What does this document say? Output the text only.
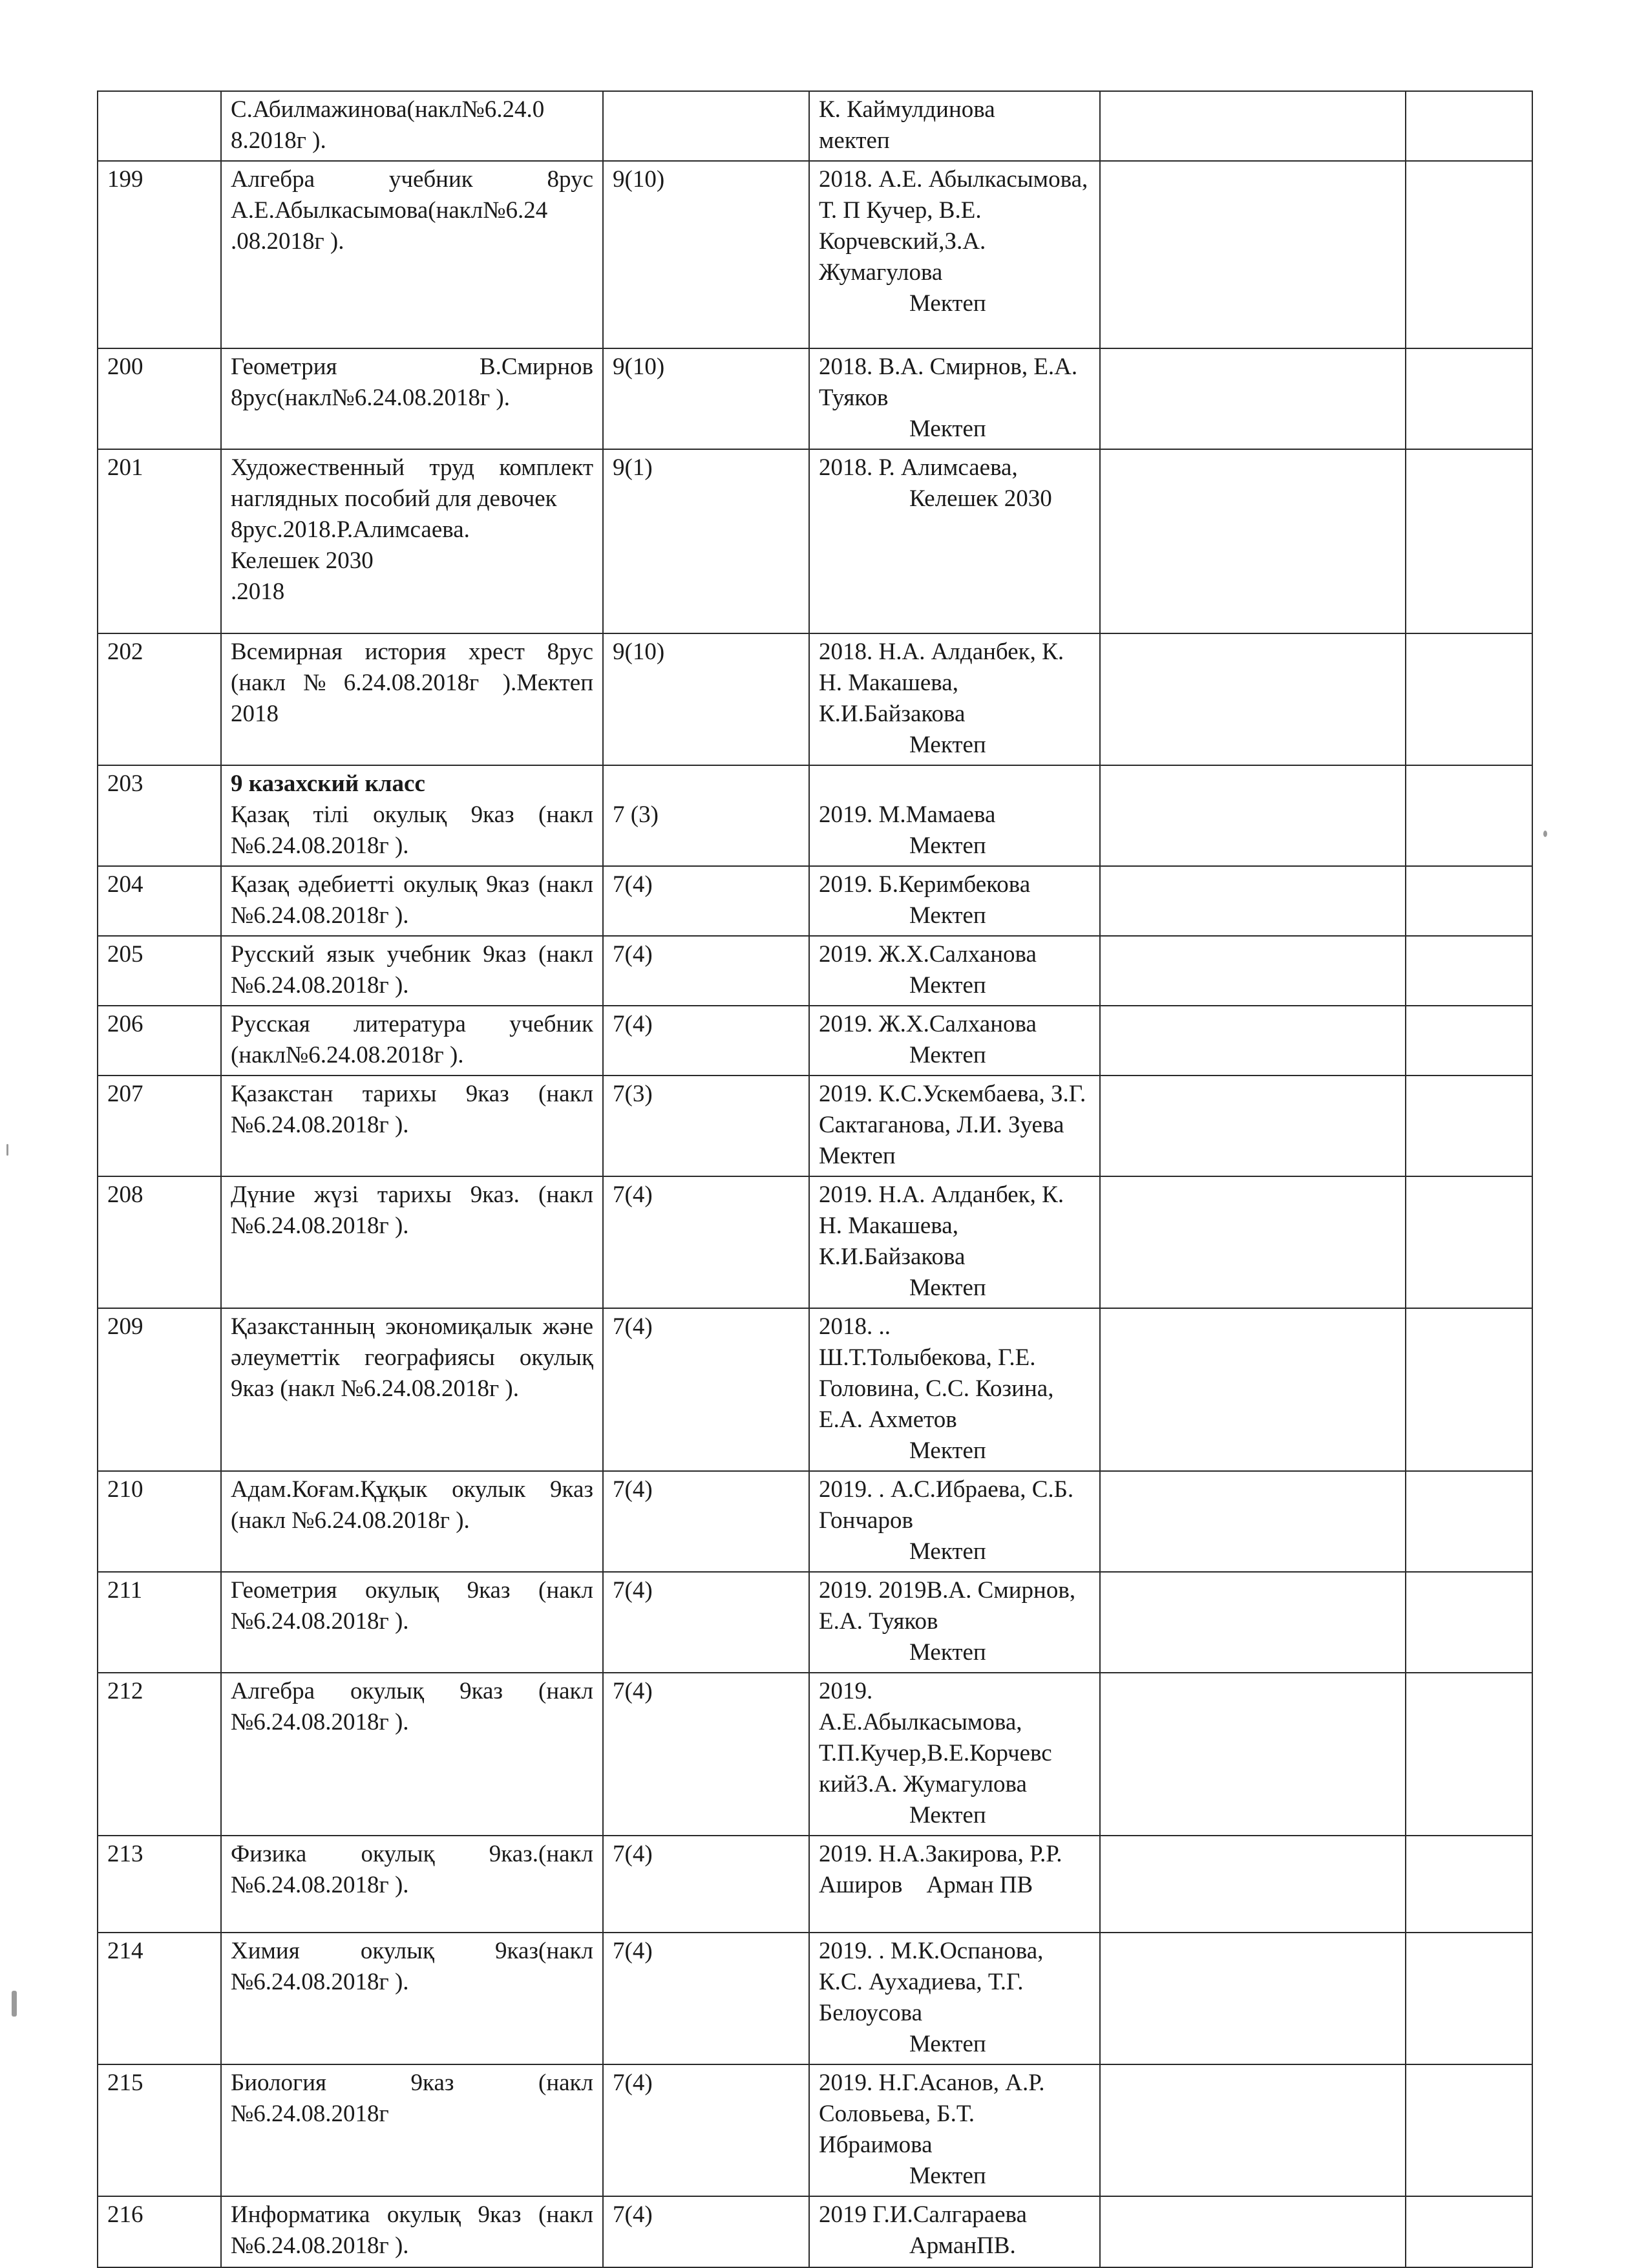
	С.Абилмажинова(накл№6.24.0
8.2018г ).		К. Каймулдинова
мектеп		

199	Алгебра учебник 8рус А.Е.Абылкасымова(накл№6.24
.08.2018г ).	9(10)	2018. А.Е. Абылкасымова, Т. П Кучер, В.Е. Корчевский,З.А. Жумагулова
Мектеп		

200	Геометрия В.Смирнов 8рус(накл№6.24.08.2018г ).	9(10)	2018. В.А. Смирнов, Е.А. Туяков
Мектеп		

201	Художественный труд комплект наглядных пособий для девочек
8рус.2018.Р.Алимсаева.
Келешек 2030
.2018	9(1)	2018. Р. Алимсаева,
Келешек 2030		

202	Всемирная история хрест 8рус (накл№6.24.08.2018г ).Мектеп 2018	9(10)	2018. Н.А. Алданбек, К. Н. Макашева, К.И.Байзакова
Мектеп		

203	9 казахский класс
Қазақ тілі окулық 9каз (накл №6.24.08.2018г ).	7 (3)	2019. М.Мамаева
Мектеп		

204	Қазақ әдебиетті окулық 9каз (накл №6.24.08.2018г ).	7(4)	2019. Б.Керимбекова
Мектеп		

205	Русский язык учебник 9каз (накл №6.24.08.2018г ).	7(4)	2019. Ж.Х.Салханова
Мектеп		

206	Русская литература учебник (накл№6.24.08.2018г ).	7(4)	2019. Ж.Х.Салханова
Мектеп		

207	Қазакстан тарихы 9каз (накл №6.24.08.2018г ).	7(3)	2019. К.С.Ускембаева, З.Г. Сактаганова, Л.И. Зуева    Мектеп		

208	Дүние жүзі тарихы 9каз. (накл №6.24.08.2018г ).	7(4)	2019. Н.А. Алданбек, К. Н. Макашева, К.И.Байзакова
Мектеп		

209	Қазакстанның экономиқалык және әлеуметтік географиясы окулық 9каз (накл №6.24.08.2018г ).	7(4)	2018. ..
Ш.Т.Толыбекова, Г.Е. Головина, С.С. Козина, Е.А. Ахметов
Мектеп		

210	Адам.Коғам.Құқык окулык 9каз (накл №6.24.08.2018г ).	7(4)	2019. . А.С.Ибраева, С.Б. Гончаров
Мектеп		

211	Геометрия окулық 9каз (накл №6.24.08.2018г ).	7(4)	2019. 2019В.А. Смирнов, Е.А. Туяков
Мектеп		

212	Алгебра окулық 9каз (накл №6.24.08.2018г ).	7(4)	2019.
А.Е.Абылкасымова, Т.П.Кучер,В.Е.Корчевс кийЗ.А. Жумагулова
Мектеп		

213	Физика окулық 9каз.(накл №6.24.08.2018г ).	7(4)	2019. Н.А.Закирова, Р.Р. Аширов    Арман ПВ		

214	Химия окулық 9каз(накл №6.24.08.2018г ).	7(4)	2019. . М.К.Оспанова, К.С. Аухадиева, Т.Г. Белоусова
Мектеп		

215	Биология 9каз (накл №6.24.08.2018г	7(4)	2019. Н.Г.Асанов, А.Р. Соловьева, Б.Т. Ибраимова
Мектеп		

216	Информатика окулық 9каз (накл №6.24.08.2018г ).	7(4)	2019 Г.И.Салгараева
АрманПВ.		
